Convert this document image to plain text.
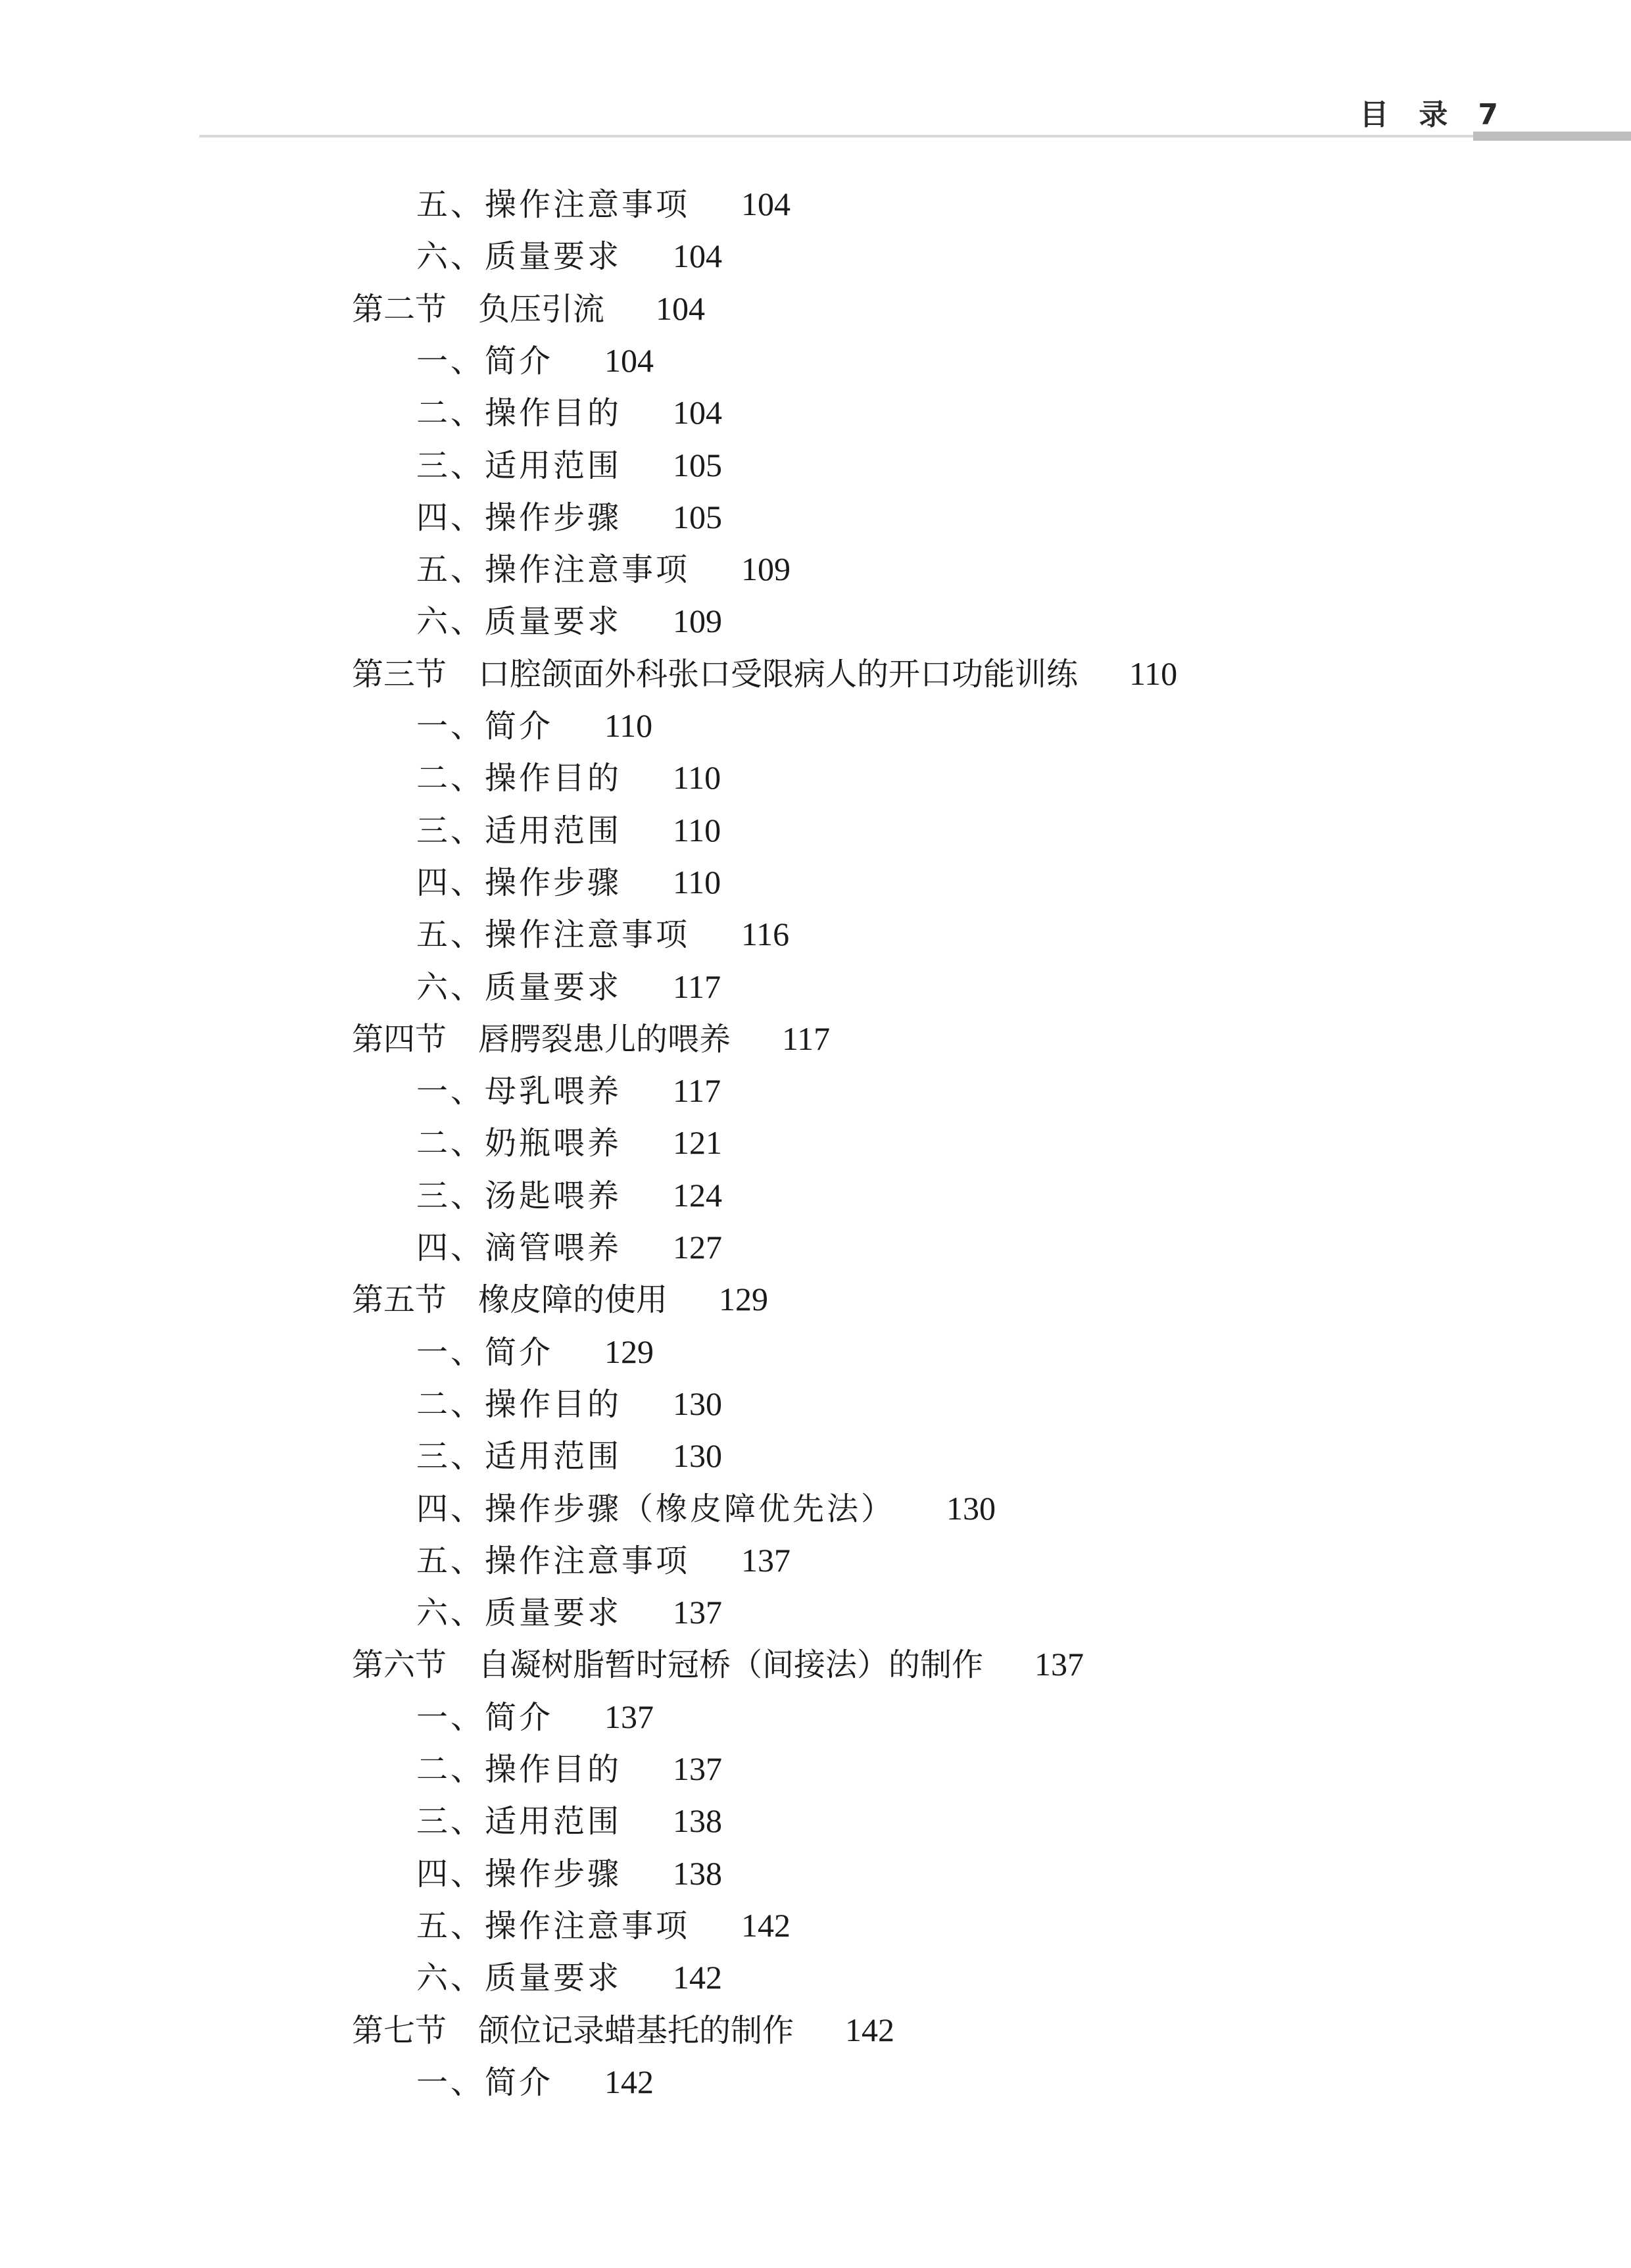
目 录 7
五、操作注意事项 104
六、质量要求 104
第二节　负压引流 104
一、简介 104
二、操作目的 104
三、适用范围 105
四、操作步骤 105
五、操作注意事项 109
六、质量要求 109
第三节　口腔颌面外科张口受限病人的开口功能训练 110
一、简介 110
二、操作目的 110
三、适用范围 110
四、操作步骤 110
五、操作注意事项 116
六、质量要求 117
第四节　唇腭裂患儿的喂养 117
一、母乳喂养 117
二、奶瓶喂养 121
三、汤匙喂养 124
四、滴管喂养 127
第五节　橡皮障的使用 129
一、简介 129
二、操作目的 130
三、适用范围 130
四、操作步骤（橡皮障优先法） 130
五、操作注意事项 137
六、质量要求 137
第六节　自凝树脂暂时冠桥（间接法）的制作 137
一、简介 137
二、操作目的 137
三、适用范围 138
四、操作步骤 138
五、操作注意事项 142
六、质量要求 142
第七节　颌位记录蜡基托的制作 142
一、简介 142
